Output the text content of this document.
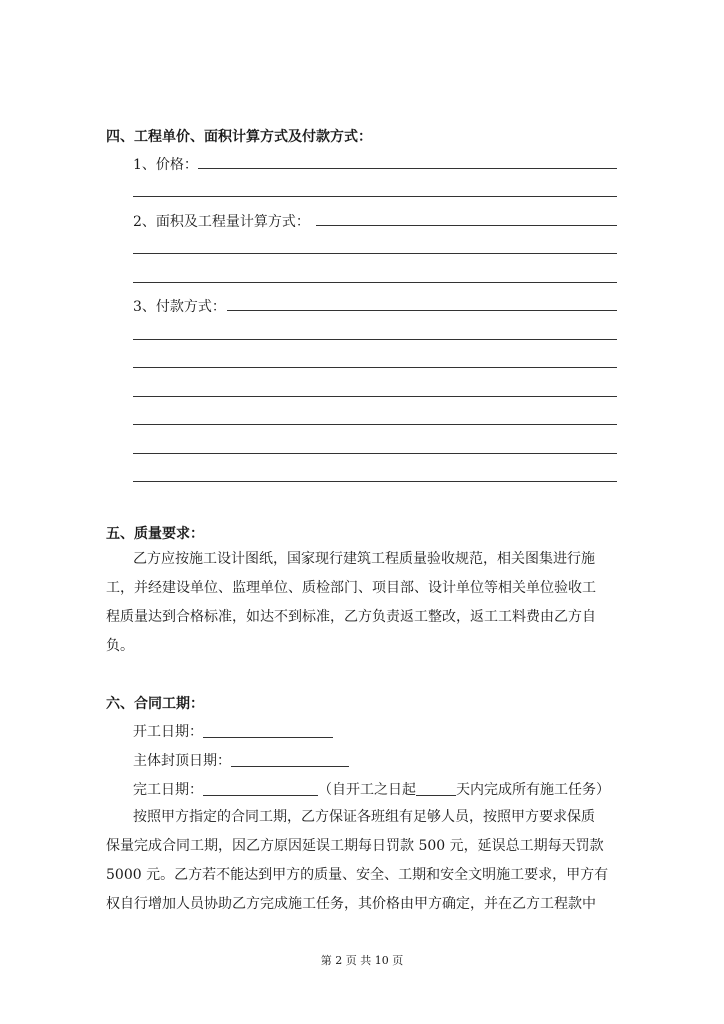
四、工程单价、面积计算方式及付款方式：
1、价格：
2、面积及工程量计算方式：
3、付款方式：
五、质量要求：
乙方应按施工设计图纸，国家现行建筑工程质量验收规范，相关图集进行施
工，并经建设单位、监理单位、质检部门、项目部、设计单位等相关单位验收工
程质量达到合格标准，如达不到标准，乙方负责返工整改，返工工料费由乙方自
负。
六、合同工期：
开工日期：
主体封顶日期：
完工日期：	（自开工之日起	天内完成所有施工任务）
按照甲方指定的合同工期，乙方保证各班组有足够人员，按照甲方要求保质
保量完成合同工期，因乙方原因延误工期每日罚款 500 元，延误总工期每天罚款
5000 元。乙方若不能达到甲方的质量、安全、工期和安全文明施工要求，甲方有
权自行增加人员协助乙方完成施工任务，其价格由甲方确定，并在乙方工程款中
第 2 页 共 10 页
